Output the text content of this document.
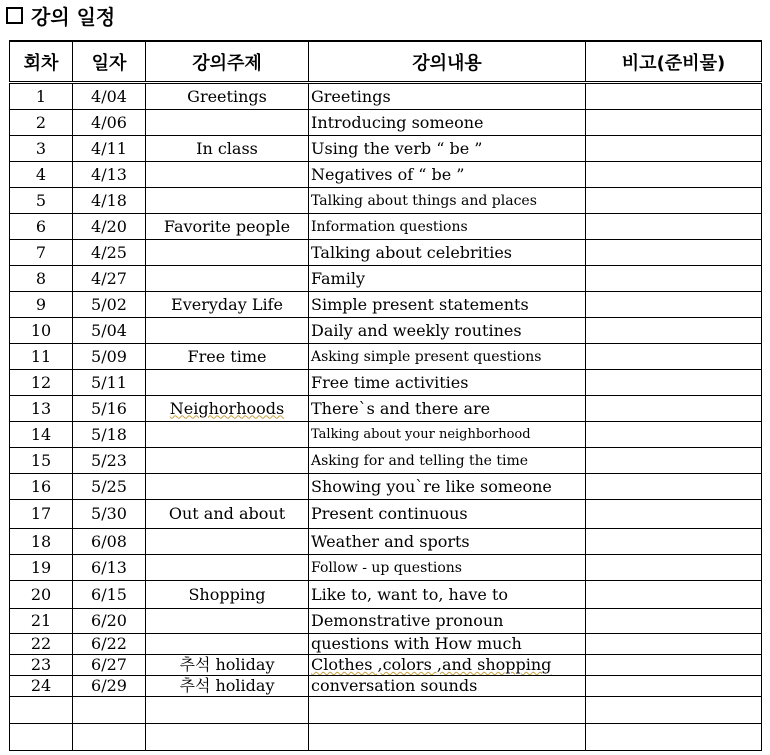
강의 일정
회차	일자	강의주제	강의내용	비고(준비물)
1	4/04	Greetings	Greetings	
2	4/06		Introducing someone	
3	4/11	In class	Using the verb “ be ”	
4	4/13		Negatives of “ be ”	
5	4/18		Talking about things and places	
6	4/20	Favorite people	Information questions	
7	4/25		Talking about celebrities	
8	4/27		Family	
9	5/02	Everyday Life	Simple present statements	
10	5/04		Daily and weekly routines	
11	5/09	Free time	Asking simple present questions	
12	5/11		Free time activities	
13	5/16	Neighorhoods	There`s and there are	
14	5/18		Talking about your neighborhood	
15	5/23		Asking for and telling the time	
16	5/25		Showing you`re like someone	
17	5/30	Out and about	Present continuous	
18	6/08		Weather and sports	
19	6/13		Follow - up questions	
20	6/15	Shopping	Like to, want to, have to	
21	6/20		Demonstrative pronoun	
22	6/22		questions with How much	
23	6/27	추석 holiday	Clothes ,colors ,and shopping	
24	6/29	추석 holiday	conversation sounds	
